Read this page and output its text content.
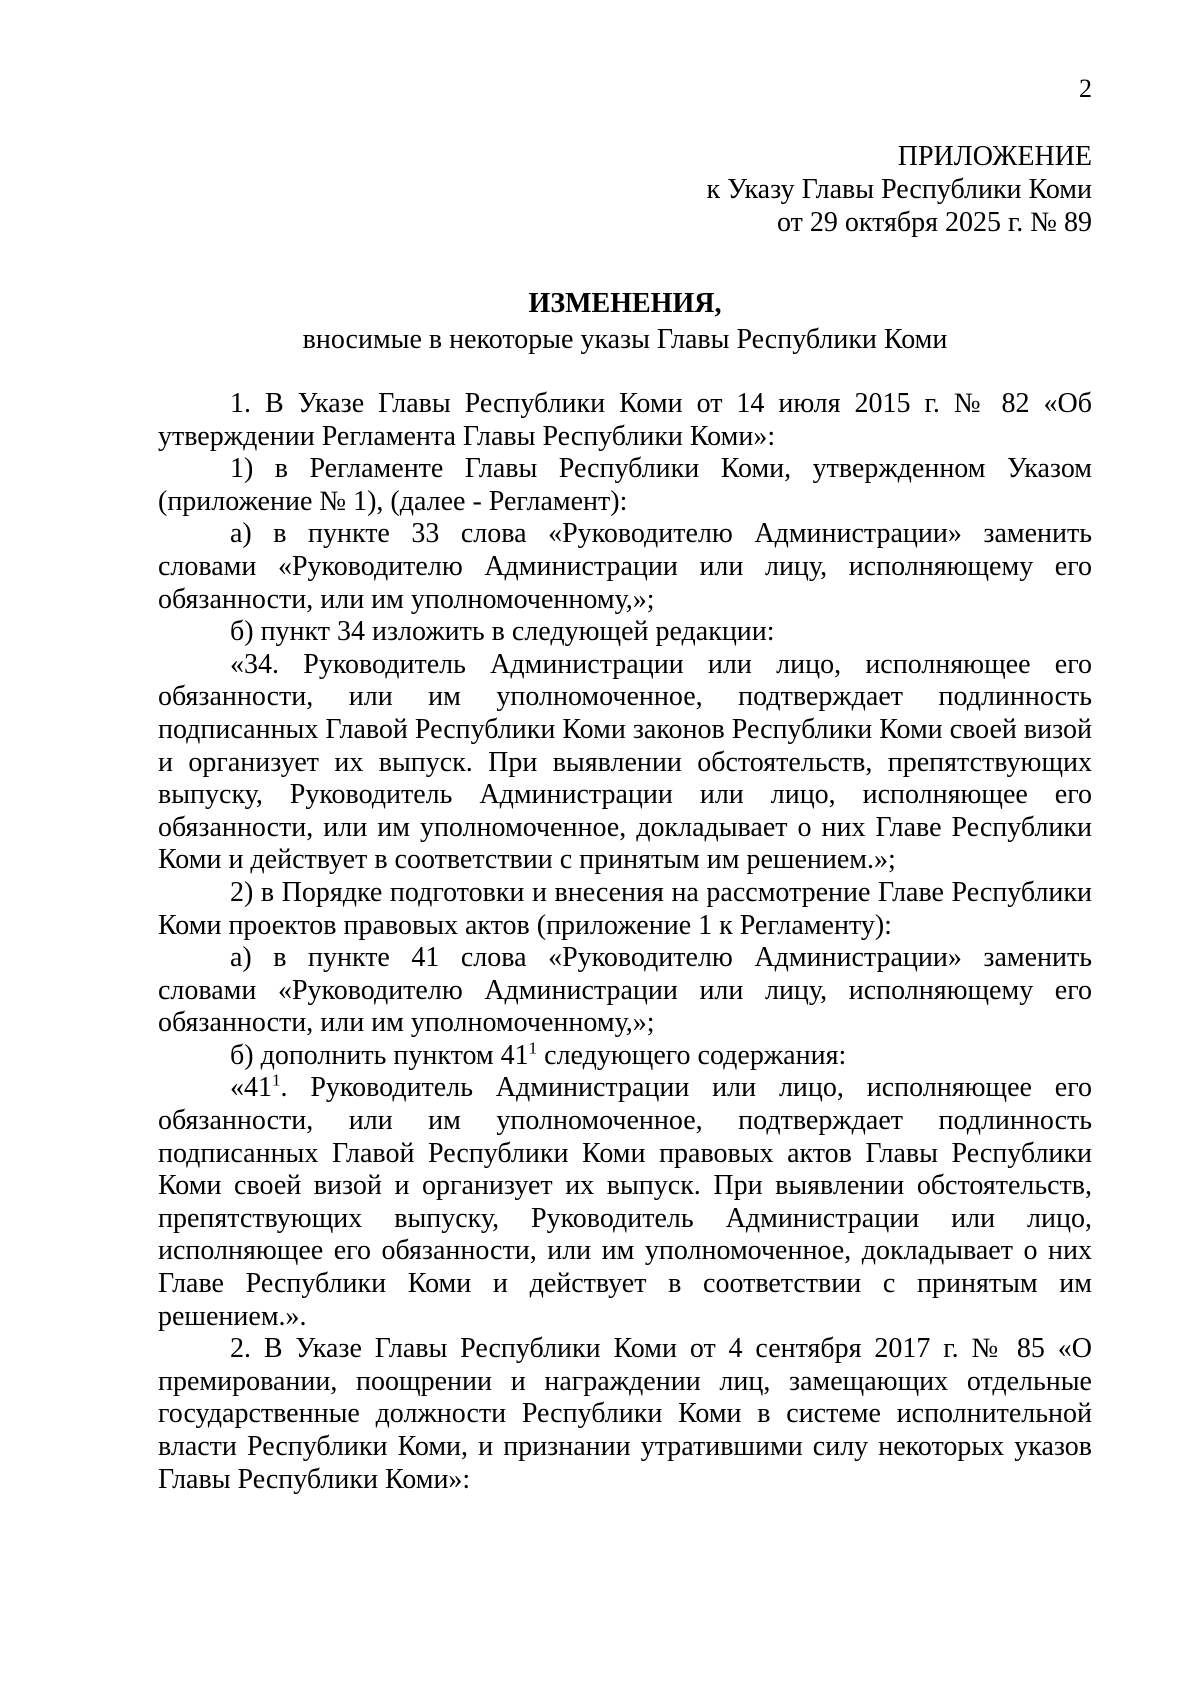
2
ПРИЛОЖЕНИЕ
к Указу Главы Республики Коми
от 29 октября 2025 г. № 89
ИЗМЕНЕНИЯ,
вносимые в некоторые указы Главы Республики Коми

1. В Указе Главы Республики Коми от 14 июля 2015 г. № 82 «Об утверждении Регламента Главы Республики Коми»:

1) в Регламенте Главы Республики Коми, утвержденном Указом (приложение № 1), (далее - Регламент):

а) в пункте 33 слова «Руководителю Администрации» заменить словами «Руководителю Администрации или лицу, исполняющему его обязанности, или им уполномоченному,»;

б) пункт 34 изложить в следующей редакции:

«34. Руководитель Администрации или лицо, исполняющее его обязанности, или им уполномоченное, подтверждает подлинность подписанных Главой Республики Коми законов Республики Коми своей визой и организует их выпуск. При выявлении обстоятельств, препятствующих выпуску, Руководитель Администрации или лицо, исполняющее его обязанности, или им уполномоченное, докладывает о них Главе Республики Коми и действует в соответствии с принятым им решением.»;

2) в Порядке подготовки и внесения на рассмотрение Главе Республики Коми проектов правовых актов (приложение 1 к Регламенту):

а) в пункте 41 слова «Руководителю Администрации» заменить словами «Руководителю Администрации или лицу, исполняющему его обязанности, или им уполномоченному,»;

б) дополнить пунктом $41^1$ следующего содержания:

«$41^1$. Руководитель Администрации или лицо, исполняющее его обязанности, или им уполномоченное, подтверждает подлинность подписанных Главой Республики Коми правовых актов Главы Республики Коми своей визой и организует их выпуск. При выявлении обстоятельств, препятствующих выпуску, Руководитель Администрации или лицо, исполняющее его обязанности, или им уполномоченное, докладывает о них Главе Республики Коми и действует в соответствии с принятым им решением.».

2. В Указе Главы Республики Коми от 4 сентября 2017 г. № 85 «О премировании, поощрении и награждении лиц, замещающих отдельные государственные должности Республики Коми в системе исполнительной власти Республики Коми, и признании утратившими силу некоторых указов Главы Республики Коми»:
